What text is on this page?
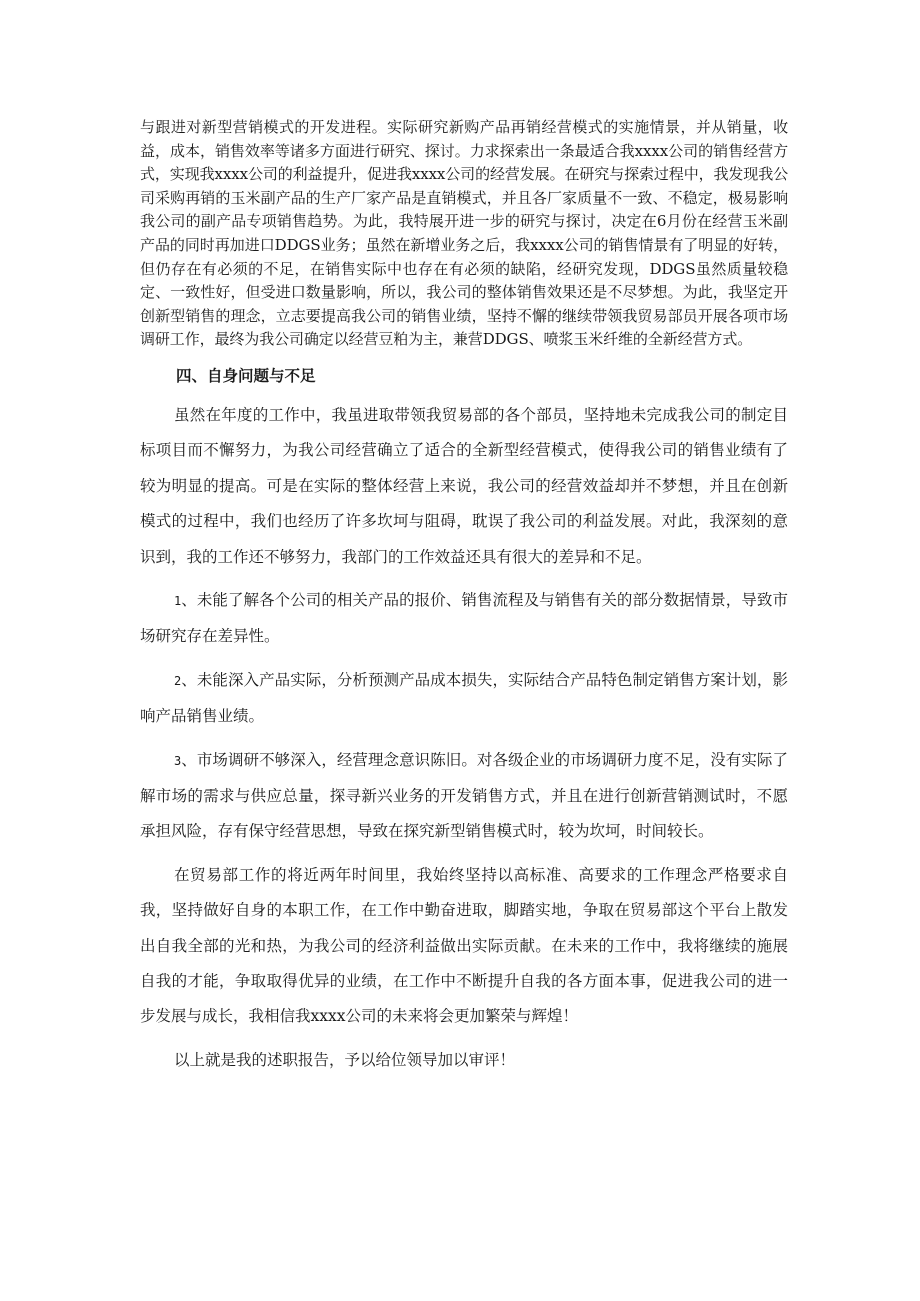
与跟进对新型营销模式的开发进程。实际研究新购产品再销经营模式的实施情景，并从销量，收益，成本，销售效率等诸多方面进行研究、探讨。力求探索出一条最适合我xxxx公司的销售经营方式，实现我xxxx公司的利益提升，促进我xxxx公司的经营发展。在研究与探索过程中，我发现我公司采购再销的玉米副产品的生产厂家产品是直销模式，并且各厂家质量不一致、不稳定，极易影响我公司的副产品专项销售趋势。为此，我特展开进一步的研究与探讨，决定在6月份在经营玉米副产品的同时再加进口DDGS业务；虽然在新增业务之后，我xxxx公司的销售情景有了明显的好转，但仍存在有必须的不足，在销售实际中也存在有必须的缺陷，经研究发现，DDGS虽然质量较稳定、一致性好，但受进口数量影响，所以，我公司的整体销售效果还是不尽梦想。为此，我坚定开创新型销售的理念，立志要提高我公司的销售业绩，坚持不懈的继续带领我贸易部员开展各项市场调研工作，最终为我公司确定以经营豆粕为主，兼营DDGS、喷浆玉米纤维的全新经营方式。

四、自身问题与不足

虽然在年度的工作中，我虽进取带领我贸易部的各个部员，坚持地未完成我公司的制定目标项目而不懈努力，为我公司经营确立了适合的全新型经营模式，使得我公司的销售业绩有了较为明显的提高。可是在实际的整体经营上来说，我公司的经营效益却并不梦想，并且在创新模式的过程中，我们也经历了许多坎坷与阻碍，耽误了我公司的利益发展。对此，我深刻的意识到，我的工作还不够努力，我部门的工作效益还具有很大的差异和不足。

1、未能了解各个公司的相关产品的报价、销售流程及与销售有关的部分数据情景，导致市场研究存在差异性。

2、未能深入产品实际，分析预测产品成本损失，实际结合产品特色制定销售方案计划，影响产品销售业绩。

3、市场调研不够深入，经营理念意识陈旧。对各级企业的市场调研力度不足，没有实际了解市场的需求与供应总量，探寻新兴业务的开发销售方式，并且在进行创新营销测试时，不愿承担风险，存有保守经营思想，导致在探究新型销售模式时，较为坎坷，时间较长。

在贸易部工作的将近两年时间里，我始终坚持以高标准、高要求的工作理念严格要求自我，坚持做好自身的本职工作，在工作中勤奋进取，脚踏实地，争取在贸易部这个平台上散发出自我全部的光和热，为我公司的经济利益做出实际贡献。在未来的工作中，我将继续的施展自我的才能，争取取得优异的业绩，在工作中不断提升自我的各方面本事，促进我公司的进一步发展与成长，我相信我xxxx公司的未来将会更加繁荣与辉煌！

以上就是我的述职报告，予以给位领导加以审评！
